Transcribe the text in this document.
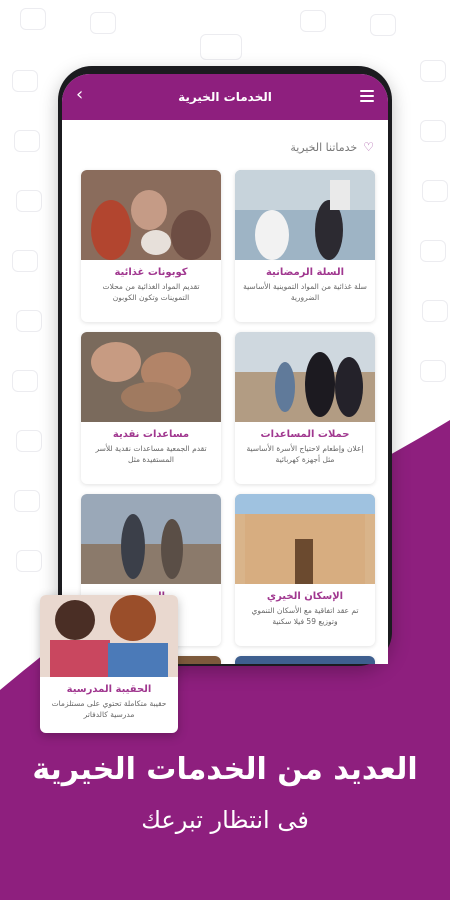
‹	الخدمات الخيرية
خدماتنا الخيرية ♡
السلة الرمضانية
سلة غذائية من المواد التموينية الأساسية الضرورية
كوبونات غذائية
تقديم المواد الغذائية من محلات التموينات وتكون الكوبون
حملات المساعدات
إعلان وإطعام لاحتياج الأسرة الأساسية مثل أجهزة كهربائية
مساعدات نقدية
تقدم الجمعية مساعدات نقدية للأسر المستفيدة مثل
الإسكان الخيري
تم عقد اتفاقية مع الأسكان التنموي وتوزيع 59 فيلا سكنية
الحقيبة المدرسية
حقيبة متكاملة تحتوي على مستلزمات مدرسية كالدفاتر
العديد من الخدمات الخيرية
فى انتظار تبرعك
